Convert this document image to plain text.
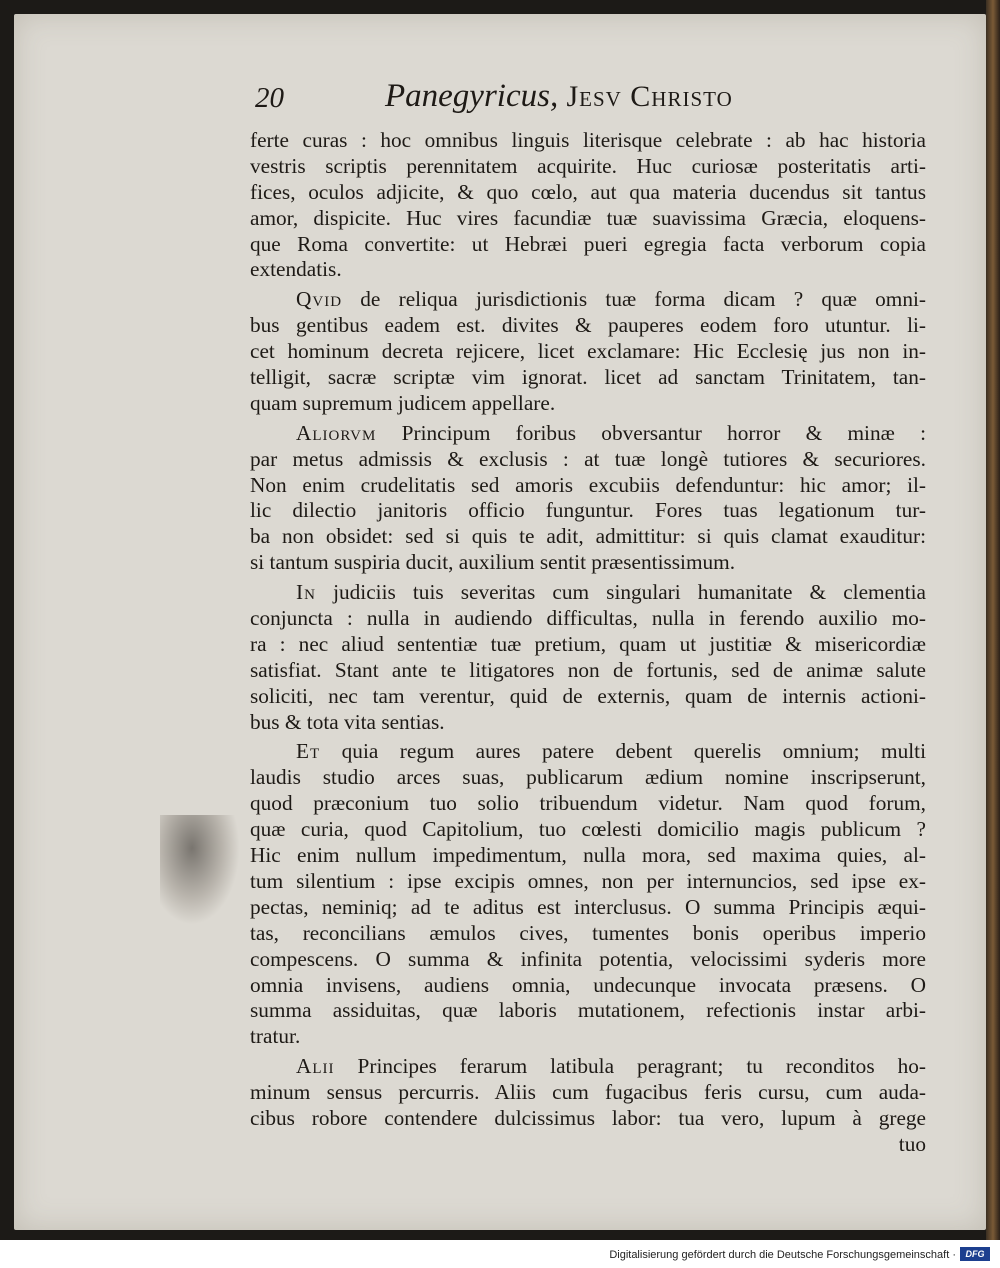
20	Panegyricus, Jesv Christo
ferte curas : hoc omnibus linguis literisque celebrate : ab hac historia
vestris scriptis perennitatem acquirite. Huc curiosæ posteritatis arti-
fices, oculos adjicite, & quo cœlo, aut qua materia ducendus sit tantus
amor, dispicite. Huc vires facundiæ tuæ suavissima Græcia, eloquens-
que Roma convertite: ut Hebræi pueri egregia facta verborum copia
extendatis.
Qvid de reliqua jurisdictionis tuæ forma dicam ? quæ omni-
bus gentibus eadem est. divites & pauperes eodem foro utuntur. li-
cet hominum decreta rejicere, licet exclamare: Hic Ecclesię jus non in-
telligit, sacræ scriptæ vim ignorat. licet ad sanctam Trinitatem, tan-
quam supremum judicem appellare.
Aliorvm Principum foribus obversantur horror & minæ :
par metus admissis & exclusis : at tuæ longè tutiores & securiores.
Non enim crudelitatis sed amoris excubiis defenduntur: hic amor; il-
lic dilectio janitoris officio funguntur. Fores tuas legationum tur-
ba non obsidet: sed si quis te adit, admittitur: si quis clamat exauditur:
si tantum suspiria ducit, auxilium sentit præsentissimum.
In judiciis tuis severitas cum singulari humanitate & clementia
conjuncta : nulla in audiendo difficultas, nulla in ferendo auxilio mo-
ra : nec aliud sententiæ tuæ pretium, quam ut justitiæ & misericordiæ
satisfiat. Stant ante te litigatores non de fortunis, sed de animæ salute
soliciti, nec tam verentur, quid de externis, quam de internis actioni-
bus & tota vita sentias.
Et quia regum aures patere debent querelis omnium; multi
laudis studio arces suas, publicarum ædium nomine inscripserunt,
quod præconium tuo solio tribuendum videtur. Nam quod forum,
quæ curia, quod Capitolium, tuo cœlesti domicilio magis publicum ?
Hic enim nullum impedimentum, nulla mora, sed maxima quies, al-
tum silentium : ipse excipis omnes, non per internuncios, sed ipse ex-
pectas, neminiq; ad te aditus est interclusus. O summa Principis æqui-
tas, reconcilians æmulos cives, tumentes bonis operibus imperio
compescens. O summa & infinita potentia, velocissimi syderis more
omnia invisens, audiens omnia, undecunque invocata præsens. O
summa assiduitas, quæ laboris mutationem, refectionis instar arbi-
tratur.
Alii Principes ferarum latibula peragrant; tu reconditos ho-
minum sensus percurris. Aliis cum fugacibus feris cursu, cum auda-
cibus robore contendere dulcissimus labor: tua vero, lupum à grege
tuo
Digitalisierung gefördert durch die Deutsche Forschungsgemeinschaft ·	DFG
